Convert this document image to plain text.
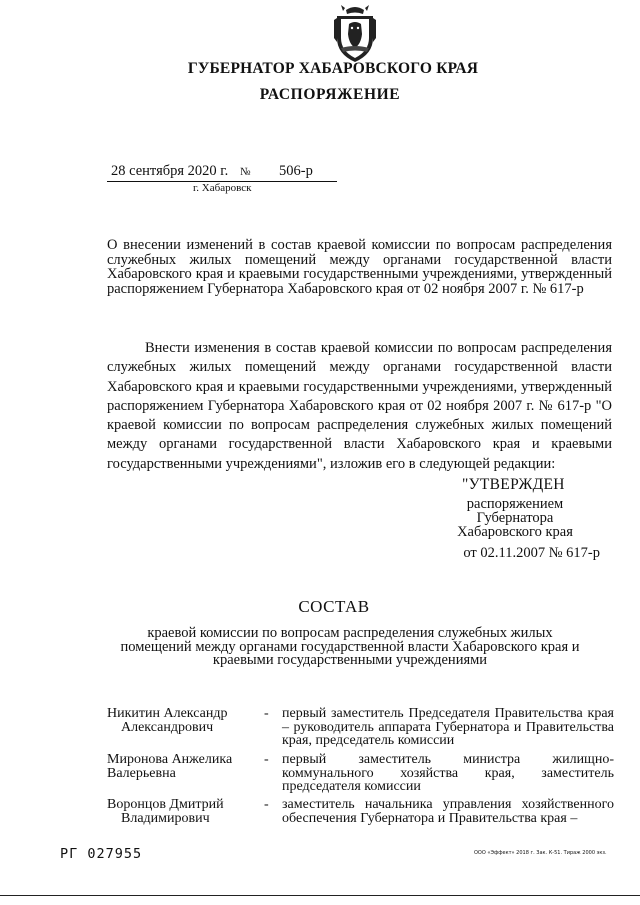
ГУБЕРНАТОР ХАБАРОВСКОГО КРАЯ
РАСПОРЯЖЕНИЕ
28 сентября 2020 г. № 506-р
г. Хабаровск
О внесении изменений в состав краевой комиссии по вопросам распределения служебных жилых помещений между органами государственной власти Хабаровского края и краевыми государственными учреждениями, утвержденный распоряжением Губернатора Хабаровского края от 02 ноября 2007 г. № 617-р
Внести изменения в состав краевой комиссии по вопросам распределения служебных жилых помещений между органами государственной власти Хабаровского края и краевыми государственными учреждениями, утвержденный распоряжением Губернатора Хабаровского края от 02 ноября 2007 г. № 617-р "О краевой комиссии по вопросам распределения служебных жилых помещений между органами государственной власти Хабаровского края и краевыми государственными учреждениями", изложив его в следующей редакции:
"УТВЕРЖДЕН
распоряжением
Губернатора
Хабаровского края
от 02.11.2007 № 617-р
СОСТАВ
краевой комиссии по вопросам распределения служебных жилых помещений между органами государственной власти Хабаровского края и краевыми государственными учреждениями
Никитин Александр
Александрович
- первый заместитель Председателя Правительства края – руководитель аппарата Губернатора и Правительства края, председатель комиссии
Миронова Анжелика
Валерьевна
- первый заместитель министра жилищно-коммунального хозяйства края, заместитель председателя комиссии
Воронцов Дмитрий
Владимирович
- заместитель начальника управления хозяйственного обеспечения Губернатора и Правительства края –
РГ 027955	ООО «Эффект» 2018 г. Зак. К-51. Тираж 2000 экз.
